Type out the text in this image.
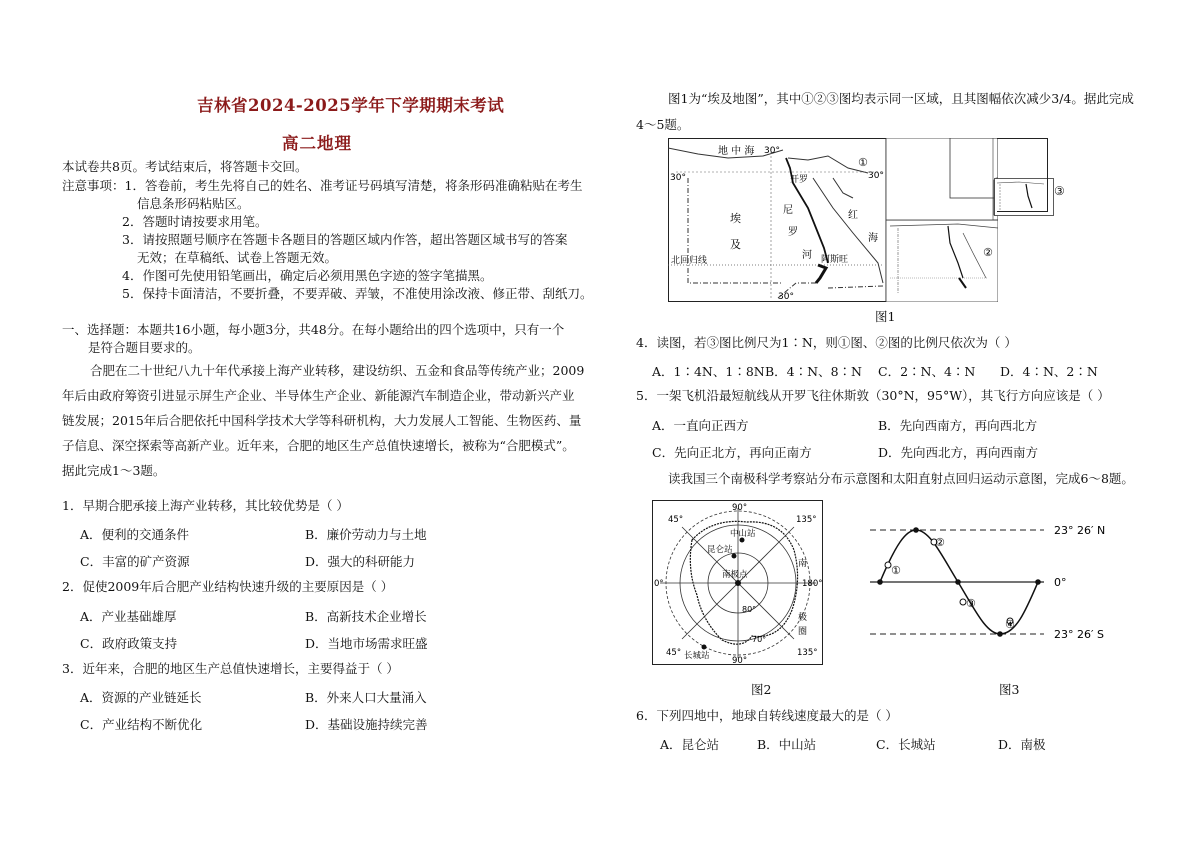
吉林省2024-2025学年下学期期末考试
高二地理
本试卷共8页。考试结束后，将答题卡交回。
注意事项：1．答卷前，考生先将自己的姓名、准考证号码填写清楚，将条形码准确粘贴在考生
信息条形码粘贴区。
2．答题时请按要求用笔。
3．请按照题号顺序在答题卡各题目的答题区域内作答，超出答题区域书写的答案
无效；在草稿纸、试卷上答题无效。
4．作图可先使用铅笔画出，确定后必须用黑色字迹的签字笔描黑。
5．保持卡面清洁，不要折叠，不要弄破、弄皱，不准使用涂改液、修正带、刮纸刀。
一、选择题：本题共16小题，每小题3分，共48分。在每小题给出的四个选项中，只有一个
是符合题目要求的。
合肥在二十世纪八九十年代承接上海产业转移，建设纺织、五金和食品等传统产业；2009
年后由政府筹资引进显示屏生产企业、半导体生产企业、新能源汽车制造企业，带动新兴产业
链发展；2015年后合肥依托中国科学技术大学等科研机构，大力发展人工智能、生物医药、量
子信息、深空探索等高新产业。近年来，合肥的地区生产总值快速增长，被称为“合肥模式”。
据此完成1～3题。
1．早期合肥承接上海产业转移，其比较优势是（ ）
A．便利的交通条件	B．廉价劳动力与土地
C．丰富的矿产资源	D．强大的科研能力
2．促使2009年后合肥产业结构快速升级的主要原因是（ ）
A．产业基础雄厚	B．高新技术企业增长
C．政府政策支持	D．当地市场需求旺盛
3．近年来，合肥的地区生产总值快速增长，主要得益于（ ）
A．资源的产业链延长	B．外来人口大量涌入
C．产业结构不断优化	D．基础设施持续完善
图1为“埃及地图”，其中①②③图均表示同一区域，且其图幅依次减少3/4。据此完成
4～5题。
地 中 海 30°
30°	30°
开罗
尼
罗
河
红
海
埃
及
北回归线	阿斯旺
30°
①
②
③
图1
4．读图，若③图比例尺为1∶N，则①图、②图的比例尺依次为（ ）
A．1∶4N、1∶8N B．4∶N、8∶N C．2∶N、4∶N D．4∶N、2∶N
5．一架飞机沿最短航线从开罗飞往休斯敦（30°N，95°W），其飞行方向应该是（ ）
A．一直向正西方	B．先向西南方，再向西北方
C．先向正北方，再向正南方	D．先向西北方，再向西南方
读我国三个南极科学考察站分布示意图和太阳直射点回归运动示意图，完成6～8题。
45°
90°
135°
0°	180°
45°
90°
135°
80°
70°
中山站
昆仑站
南极点
长城站
南
极
圈
图2
①
②
③
④
23° 26′ N
0°
23° 26′ S
图3
6．下列四地中，地球自转线速度最大的是（ ）
A．昆仑站	B．中山站	C．长城站	D．南极
